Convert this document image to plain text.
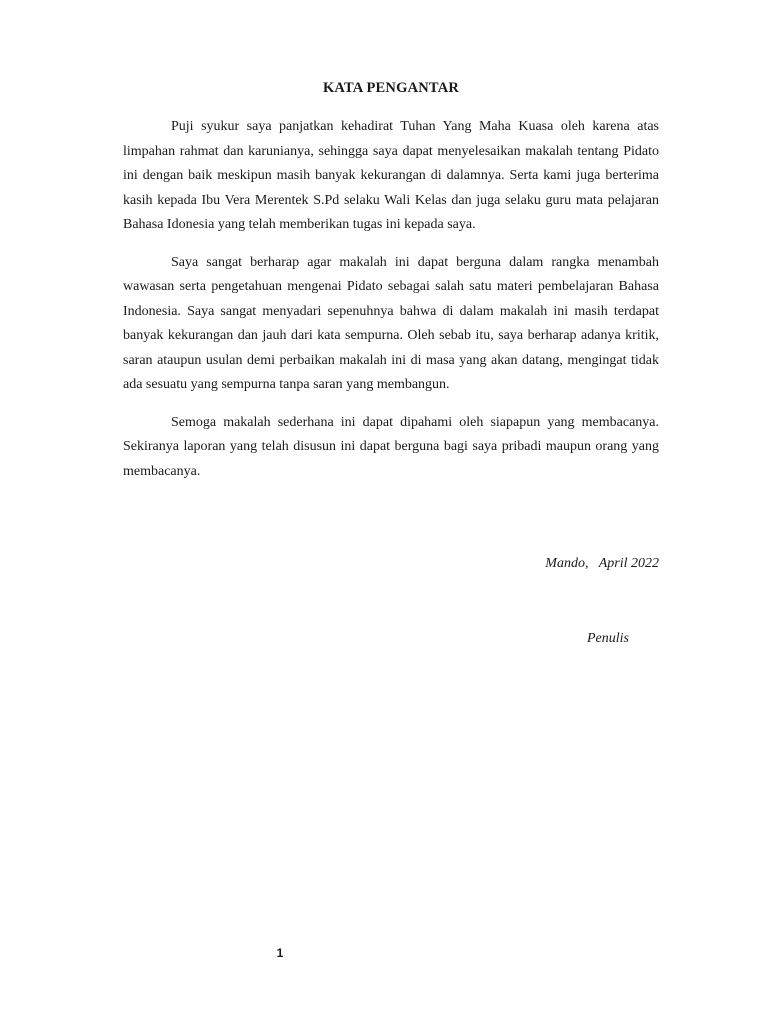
KATA PENGANTAR

Puji syukur saya panjatkan kehadirat Tuhan Yang Maha Kuasa oleh karena atas limpahan rahmat dan karunianya, sehingga saya dapat menyelesaikan makalah tentang Pidato ini dengan baik meskipun masih banyak kekurangan di dalamnya. Serta kami juga berterima kasih kepada Ibu Vera Merentek S.Pd selaku Wali Kelas dan juga selaku guru mata pelajaran Bahasa Idonesia yang telah memberikan tugas ini kepada saya.

Saya sangat berharap agar makalah ini dapat berguna dalam rangka menambah wawasan serta pengetahuan mengenai Pidato sebagai salah satu materi pembelajaran Bahasa Indonesia. Saya sangat menyadari sepenuhnya bahwa di dalam makalah ini masih terdapat banyak kekurangan dan jauh dari kata sempurna. Oleh sebab itu, saya berharap adanya kritik, saran ataupun usulan demi perbaikan makalah ini di masa yang akan datang, mengingat tidak ada sesuatu yang sempurna tanpa saran yang membangun.

Semoga makalah sederhana ini dapat dipahami oleh siapapun yang membacanya. Sekiranya laporan yang telah disusun ini dapat berguna bagi saya pribadi maupun orang yang membacanya.

Mando,   April 2022
Penulis
1
